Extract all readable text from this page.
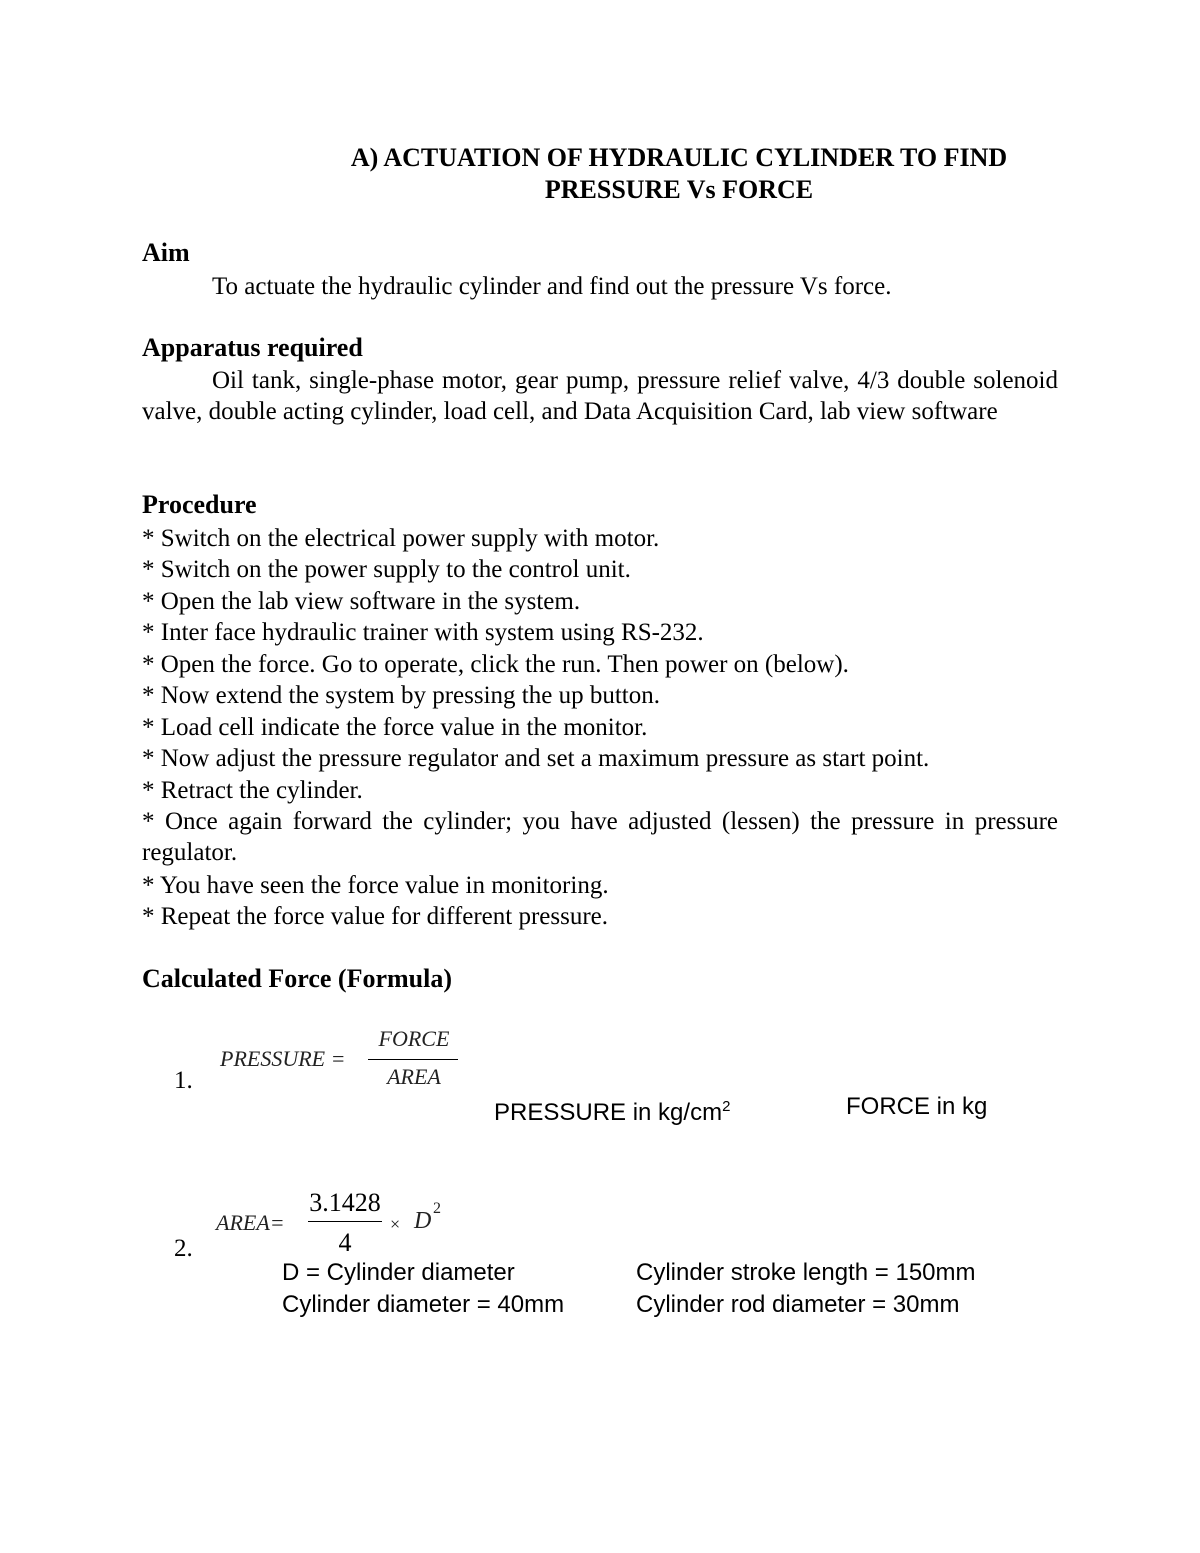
A) ACTUATION OF HYDRAULIC CYLINDER TO FIND
PRESSURE Vs FORCE
Aim
To actuate the hydraulic cylinder and find out the pressure Vs force.
Apparatus required
Oil tank, single-phase motor, gear pump, pressure relief valve, 4/3 double solenoid valve, double acting cylinder, load cell, and Data Acquisition Card, lab view software
Procedure
* Switch on the electrical power supply with motor.
* Switch on the power supply to the control unit.
* Open the lab view software in the system.
* Inter face hydraulic trainer with system using RS-232.
* Open the force. Go to operate, click the run. Then power on (below).
* Now extend the system by pressing the up button.
* Load cell indicate the force value in the monitor.
* Now adjust the pressure regulator and set a maximum pressure as start point.
* Retract the cylinder.
* Once again forward the cylinder; you have adjusted (lessen) the pressure in pressure regulator.
* You have seen the force value in monitoring.
* Repeat the force value for different pressure.
Calculated Force (Formula)
1.
PRESSURE =
FORCE
AREA
PRESSURE in $kg/cm^2$	FORCE in kg
2.
AREA=
3.1428
4
× D 2
D = Cylinder diameter	Cylinder stroke length = 150mm
Cylinder diameter = 40mm	Cylinder rod diameter = 30mm
